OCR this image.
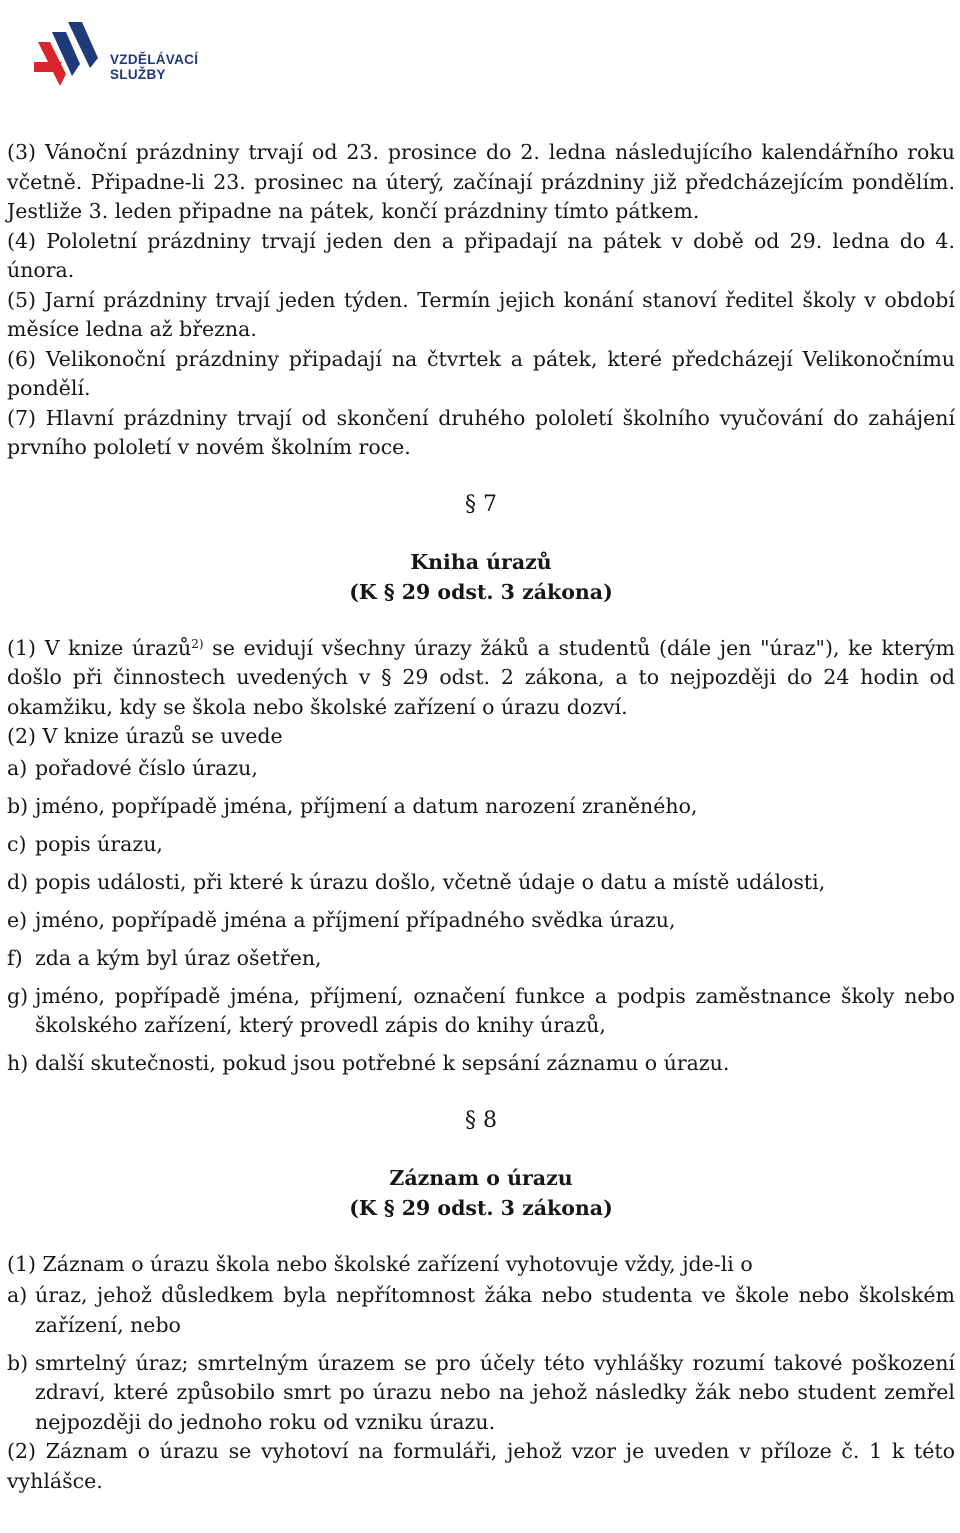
VZDĚLÁVACÍ
SLUŽBY

(3) Vánoční prázdniny trvají od 23. prosince do 2. ledna následujícího kalendářního roku včetně. Připadne-li 23. prosinec na úterý, začínají prázdniny již předcházejícím pondělím. Jestliže 3. leden připadne na pátek, končí prázdniny tímto pátkem.

(4) Pololetní prázdniny trvají jeden den a připadají na pátek v době od 29. ledna do 4. února.

(5) Jarní prázdniny trvají jeden týden. Termín jejich konání stanoví ředitel školy v období měsíce ledna až března.

(6) Velikonoční prázdniny připadají na čtvrtek a pátek, které předcházejí Velikonočnímu pondělí.

(7) Hlavní prázdniny trvají od skončení druhého pololetí školního vyučování do zahájení prvního pololetí v novém školním roce.

§ 7
Kniha úrazů
(K § 29 odst. 3 zákona)

(1) V knize úrazů$^{2)}$ se evidují všechny úrazy žáků a studentů (dále jen "úraz"), ke kterým došlo při činnostech uvedených v § 29 odst. 2 zákona, a to nejpozději do 24 hodin od okamžiku, kdy se škola nebo školské zařízení o úrazu dozví.

(2) V knize úrazů se uvede

a) pořadové číslo úrazu,
b) jméno, popřípadě jména, příjmení a datum narození zraněného,
c) popis úrazu,
d) popis události, při které k úrazu došlo, včetně údaje o datu a místě události,
e) jméno, popřípadě jména a příjmení případného svědka úrazu,
f) zda a kým byl úraz ošetřen,
g) jméno, popřípadě jména, příjmení, označení funkce a podpis zaměstnance školy nebo školského zařízení, který provedl zápis do knihy úrazů,
h) další skutečnosti, pokud jsou potřebné k sepsání záznamu o úrazu.
§ 8
Záznam o úrazu
(K § 29 odst. 3 zákona)

(1) Záznam o úrazu škola nebo školské zařízení vyhotovuje vždy, jde-li o

a) úraz, jehož důsledkem byla nepřítomnost žáka nebo studenta ve škole nebo školském zařízení, nebo
b) smrtelný úraz; smrtelným úrazem se pro účely této vyhlášky rozumí takové poškození zdraví, které způsobilo smrt po úrazu nebo na jehož následky žák nebo student zemřel nejpozději do jednoho roku od vzniku úrazu.

(2) Záznam o úrazu se vyhotoví na formuláři, jehož vzor je uveden v příloze č. 1 k této vyhlášce.
